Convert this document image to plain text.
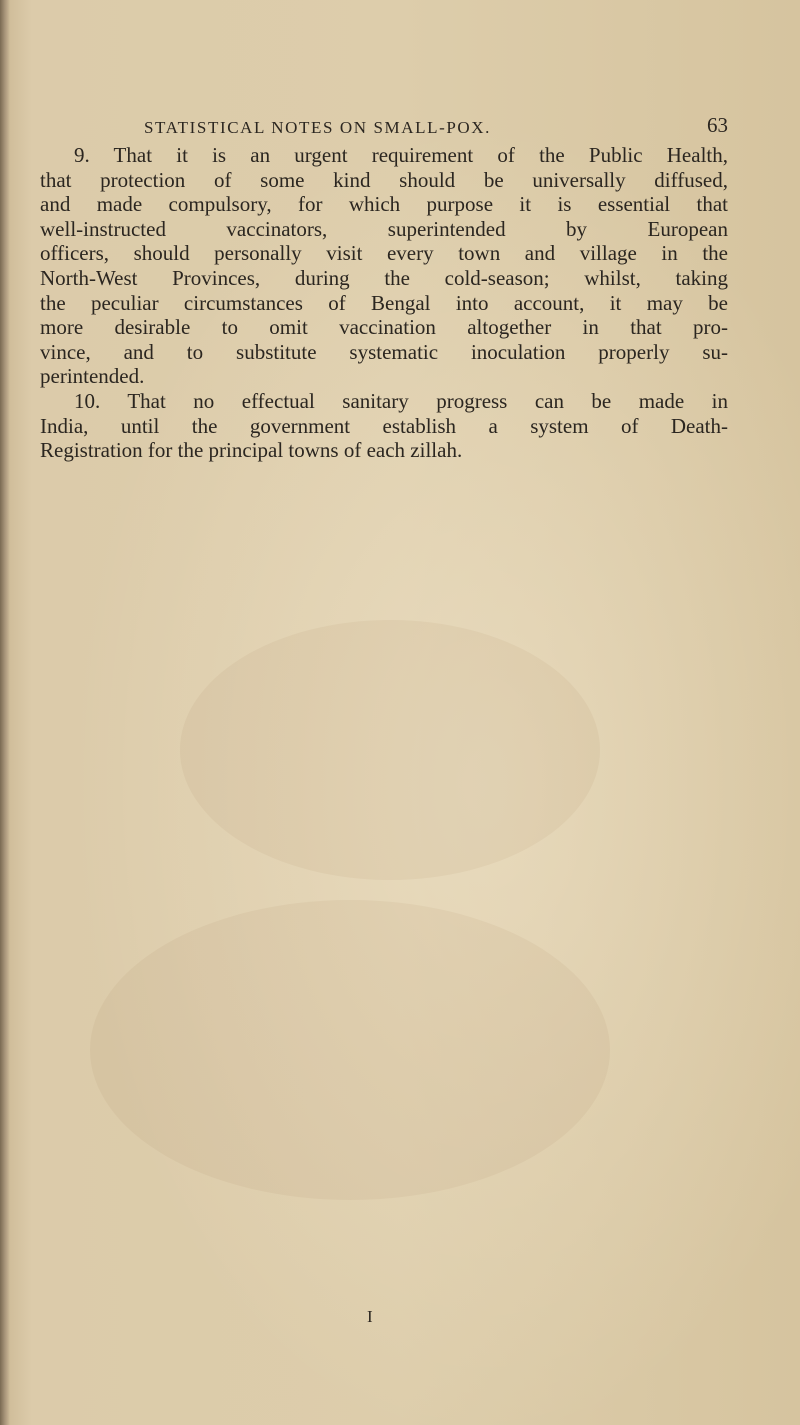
STATISTICAL NOTES ON SMALL-POX.	63
9. That it is an urgent requirement of the Public Health,
that protection of some kind should be universally diffused,
and made compulsory, for which purpose it is essential that
well-instructed vaccinators, superintended by European
officers, should personally visit every town and village in the
North-West Provinces, during the cold-season; whilst, taking
the peculiar circumstances of Bengal into account, it may be
more desirable to omit vaccination altogether in that pro-
vince, and to substitute systematic inoculation properly su-
perintended.
10. That no effectual sanitary progress can be made in
India, until the government establish a system of Death-
Registration for the principal towns of each zillah.
I
